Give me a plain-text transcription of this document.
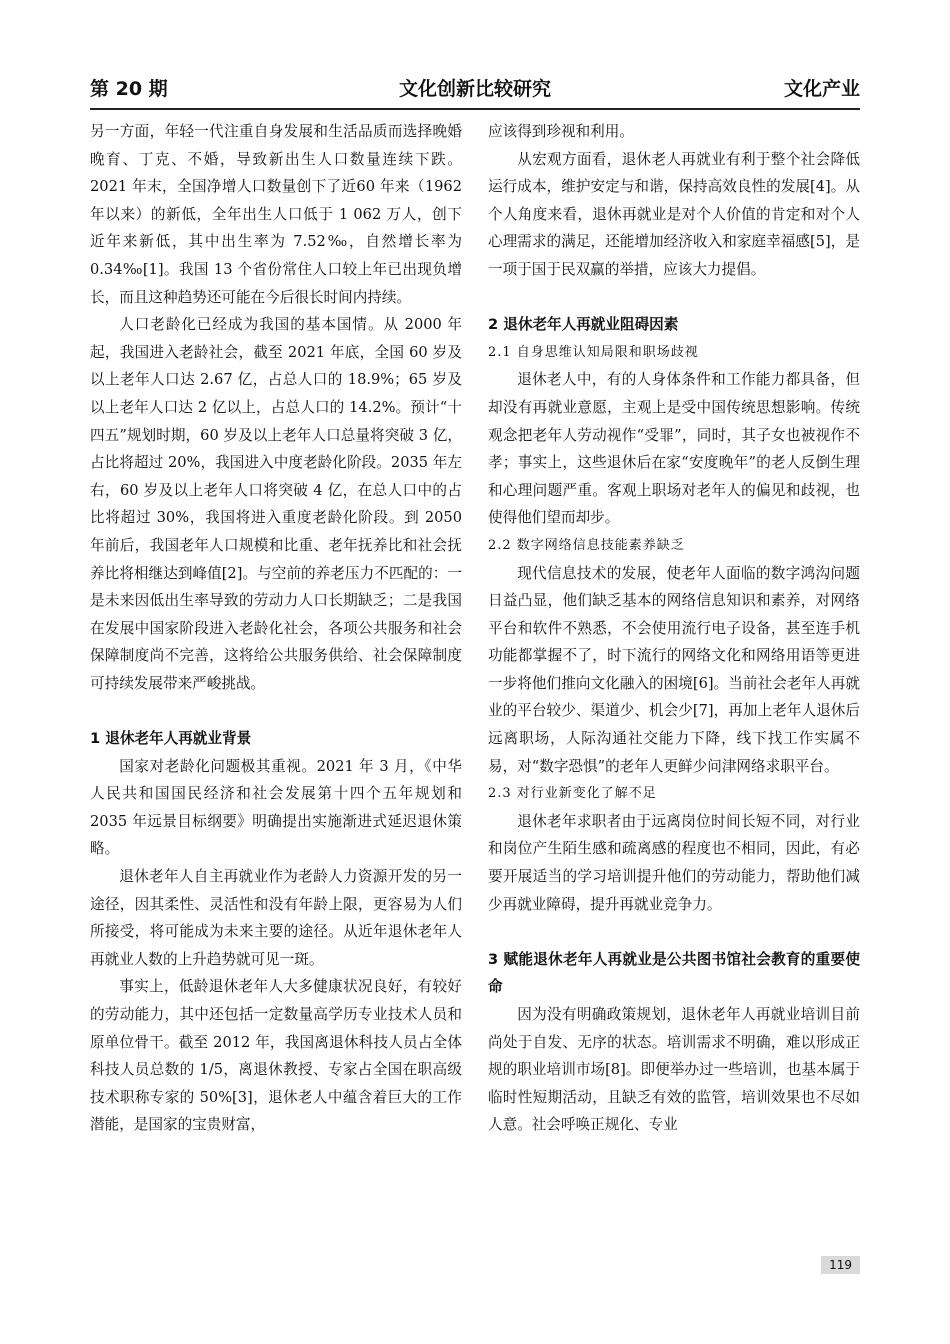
第 20 期	文化创新比较研究	文化产业

另一方面，年轻一代注重自身发展和生活品质而选择晚婚晚育、丁克、不婚，导致新出生人口数量连续下跌。2021 年末，全国净增人口数量创下了近60 年来（1962 年以来）的新低，全年出生人口低于 1 062 万人，创下近年来新低，其中出生率为 7.52‰，自然增长率为 0.34‰[1]。我国 13 个省份常住人口较上年已出现负增长，而且这种趋势还可能在今后很长时间内持续。

人口老龄化已经成为我国的基本国情。从 2000 年起，我国进入老龄社会，截至 2021 年底，全国 60 岁及以上老年人口达 2.67 亿，占总人口的 18.9%；65 岁及以上老年人口达 2 亿以上，占总人口的 14.2%。预计“十四五”规划时期，60 岁及以上老年人口总量将突破 3 亿，占比将超过 20%，我国进入中度老龄化阶段。2035 年左右，60 岁及以上老年人口将突破 4 亿，在总人口中的占比将超过 30%，我国将进入重度老龄化阶段。到 2050 年前后，我国老年人口规模和比重、老年抚养比和社会抚养比将相继达到峰值[2]。与空前的养老压力不匹配的：一是未来因低出生率导致的劳动力人口长期缺乏；二是我国在发展中国家阶段进入老龄化社会，各项公共服务和社会保障制度尚不完善，这将给公共服务供给、社会保障制度可持续发展带来严峻挑战。

1 退休老年人再就业背景

国家对老龄化问题极其重视。2021 年 3 月，《中华人民共和国国民经济和社会发展第十四个五年规划和 2035 年远景目标纲要》明确提出实施渐进式延迟退休策略。

退休老年人自主再就业作为老龄人力资源开发的另一途径，因其柔性、灵活性和没有年龄上限，更容易为人们所接受，将可能成为未来主要的途径。从近年退休老年人再就业人数的上升趋势就可见一斑。

事实上，低龄退休老年人大多健康状况良好，有较好的劳动能力，其中还包括一定数量高学历专业技术人员和原单位骨干。截至 2012 年，我国离退休科技人员占全体科技人员总数的 1/5，离退休教授、专家占全国在职高级技术职称专家的 50%[3]，退休老人中蕴含着巨大的工作潜能，是国家的宝贵财富，

应该得到珍视和利用。

从宏观方面看，退休老人再就业有利于整个社会降低运行成本，维护安定与和谐，保持高效良性的发展[4]。从个人角度来看，退休再就业是对个人价值的肯定和对个人心理需求的满足，还能增加经济收入和家庭幸福感[5]，是一项于国于民双赢的举措，应该大力提倡。

2 退休老年人再就业阻碍因素
2.1 自身思维认知局限和职场歧视

退休老人中，有的人身体条件和工作能力都具备，但却没有再就业意愿，主观上是受中国传统思想影响。传统观念把老年人劳动视作“受罪”，同时，其子女也被视作不孝；事实上，这些退休后在家“安度晚年”的老人反倒生理和心理问题严重。客观上职场对老年人的偏见和歧视，也使得他们望而却步。

2.2 数字网络信息技能素养缺乏

现代信息技术的发展，使老年人面临的数字鸿沟问题日益凸显，他们缺乏基本的网络信息知识和素养，对网络平台和软件不熟悉，不会使用流行电子设备，甚至连手机功能都掌握不了，时下流行的网络文化和网络用语等更进一步将他们推向文化融入的困境[6]。当前社会老年人再就业的平台较少、渠道少、机会少[7]，再加上老年人退休后远离职场，人际沟通社交能力下降，线下找工作实属不易，对“数字恐惧”的老年人更鲜少问津网络求职平台。

2.3 对行业新变化了解不足

退休老年求职者由于远离岗位时间长短不同，对行业和岗位产生陌生感和疏离感的程度也不相同，因此，有必要开展适当的学习培训提升他们的劳动能力，帮助他们减少再就业障碍，提升再就业竞争力。

3 赋能退休老年人再就业是公共图书馆社会教育的重要使命

因为没有明确政策规划，退休老年人再就业培训目前尚处于自发、无序的状态。培训需求不明确，难以形成正规的职业培训市场[8]。即便举办过一些培训，也基本属于临时性短期活动，且缺乏有效的监管，培训效果也不尽如人意。社会呼唤正规化、专业

119
